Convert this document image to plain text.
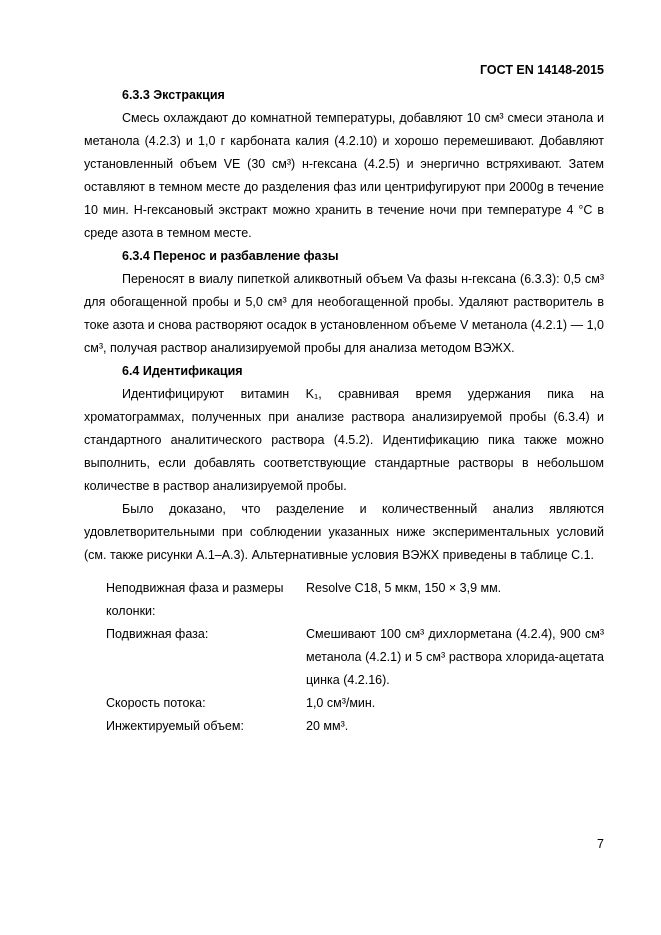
ГОСТ EN 14148-2015

6.3.3 Экстракция

Смесь охлаждают до комнатной температуры, добавляют 10 см³ смеси этанола и метанола (4.2.3) и 1,0 г карбоната калия (4.2.10) и хорошо перемешивают. Добавляют установленный объем VE (30 см³) н-гексана (4.2.5) и энергично встряхивают. Затем оставляют в темном месте до разделения фаз или центрифугируют при 2000g в течение 10 мин. Н-гексановый экстракт можно хранить в течение ночи при температуре 4 °С в среде азота в темном месте.

6.3.4 Перенос и разбавление фазы

Переносят в виалу пипеткой аликвотный объем Va фазы н-гексана (6.3.3): 0,5 см³ для обогащенной пробы и 5,0 см³ для необогащенной пробы. Удаляют растворитель в токе азота и снова растворяют осадок в установленном объеме V метанола (4.2.1) — 1,0 см³, получая раствор анализируемой пробы для анализа методом ВЭЖХ.

6.4 Идентификация

Идентифицируют витамин K₁, сравнивая время удержания пика на хроматограммах, полученных при анализе раствора анализируемой пробы (6.3.4) и стандартного аналитического раствора (4.5.2). Идентификацию пика также можно выполнить, если добавлять соответствующие стандартные растворы в небольшом количестве в раствор анализируемой пробы.

Было доказано, что разделение и количественный анализ являются удовлетворительными при соблюдении указанных ниже экспериментальных условий (см. также рисунки А.1–А.3). Альтернативные условия ВЭЖХ приведены в таблице С.1.

Неподвижная фаза и размеры колонки:
Resolve C18, 5 мкм, 150 × 3,9 мм.
Подвижная фаза:	Смешивают 100 см³ дихлорметана (4.2.4), 900 см³ метанола (4.2.1) и 5 см³ раствора хлорида-ацетата цинка (4.2.16).
Скорость потока:	1,0 см³/мин.
Инжектируемый объем:	20 мм³.
7
